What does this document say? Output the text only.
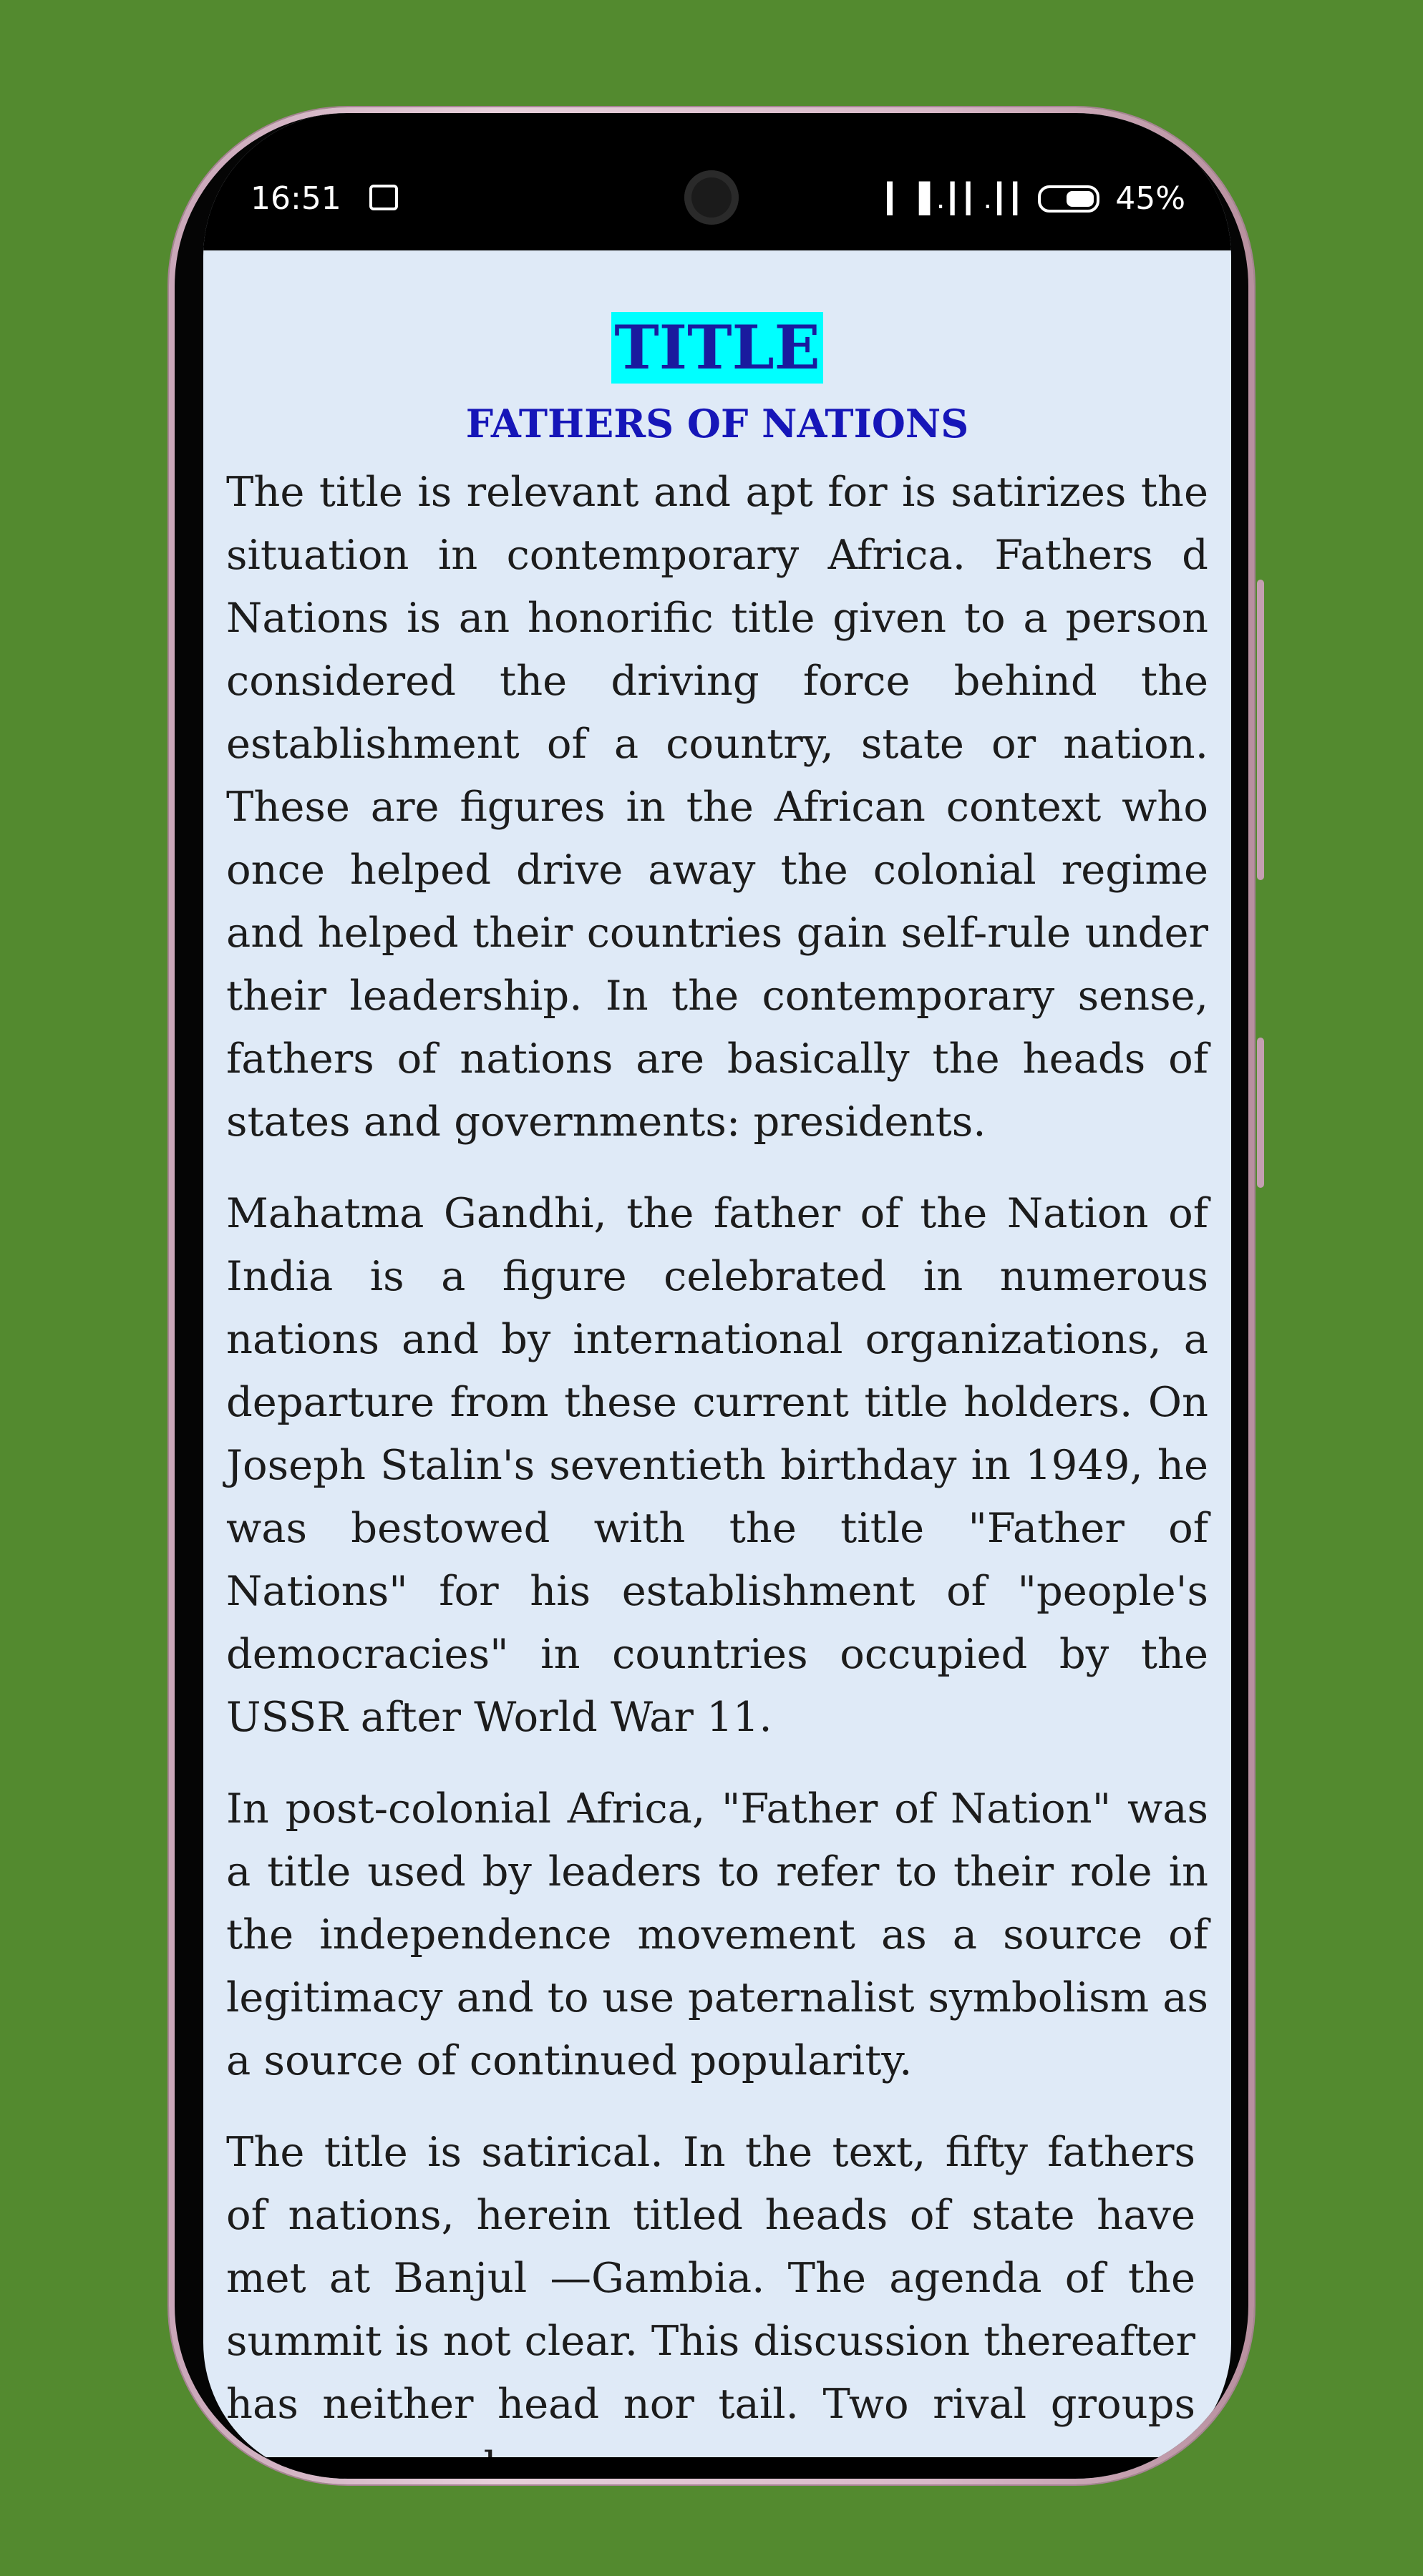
16:51	▎▐ .┃┃ .┃┃	45%
TITLE
FATHERS OF NATIONS

The title is relevant and apt for is satirizes the situation in contemporary Africa. Fathers d Nations is an honorific title given to a person considered the driving force behind the establishment of a country, state or nation. These are figures in the African context who once helped drive away the colonial regime and helped their countries gain self-rule under their leadership. In the contemporary sense, fathers of nations are basically the heads of states and governments: presidents.

Mahatma Gandhi, the father of the Nation of India is a figure celebrated in numerous nations and by international organizations, a departure from these current title holders. On Joseph Stalin's seventieth birthday in 1949, he was bestowed with the title "Father of Nations" for his establishment of "people's democracies" in countries occupied by the USSR after World War 11.

In post-colonial Africa, "Father of Nation" was a title used by leaders to refer to their role in the independence movement as a source of legitimacy and to use paternalist symbolism as a source of continued popularity.

The title is satirical. In the text, fifty fathers of nations, herein titled heads of state have met at Banjul —Gambia. The agenda of the summit is not clear. This discussion thereafter has neither head nor tail. Two rival groups
